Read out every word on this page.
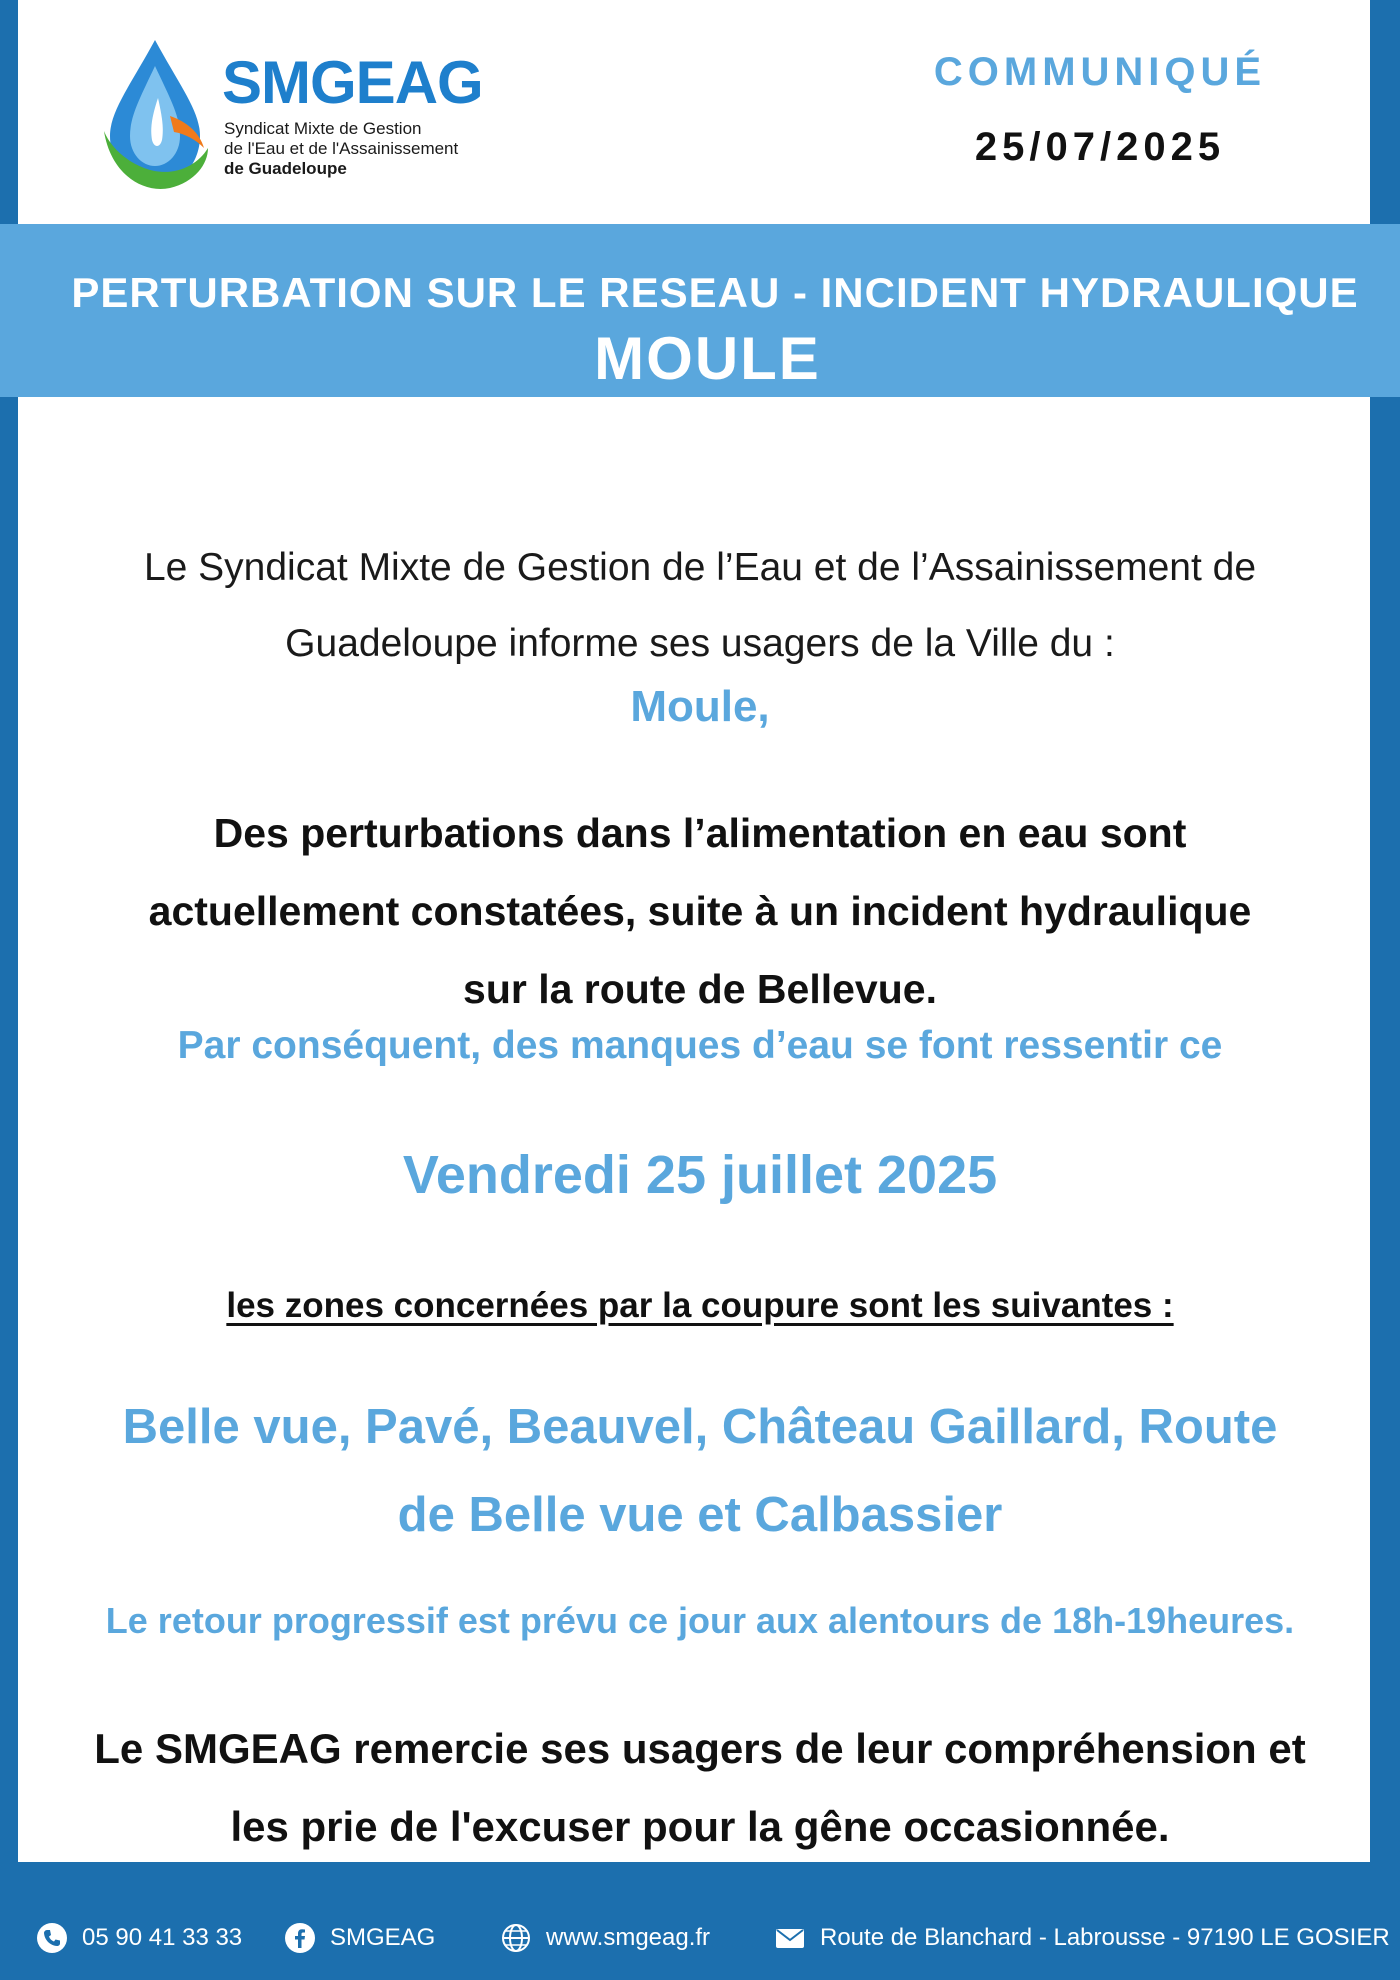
SMGEAG
Syndicat Mixte de Gestion
de l'Eau et de l'Assainissement
de Guadeloupe
COMMUNIQUÉ
25/07/2025
PERTURBATION SUR LE RESEAU - INCIDENT HYDRAULIQUE
MOULE
Le Syndicat Mixte de Gestion de l’Eau et de l’Assainissement de
Guadeloupe informe ses usagers de la Ville du :
Moule,
Des perturbations dans l’alimentation en eau sont
actuellement constatées, suite à un incident hydraulique
sur la route de Bellevue.
Par conséquent, des manques d’eau se font ressentir ce
Vendredi 25 juillet 2025
les zones concernées par la coupure sont les suivantes :
Belle vue, Pavé, Beauvel, Château Gaillard, Route
de Belle vue et Calbassier
Le retour progressif est prévu ce jour aux alentours de 18h-19heures.
Le SMGEAG remercie ses usagers de leur compréhension et
les prie de l'excuser pour la gêne occasionnée.
05 90 41 33 33	SMGEAG	www.smgeag.fr	Route de Blanchard - Labrousse - 97190 LE GOSIER
